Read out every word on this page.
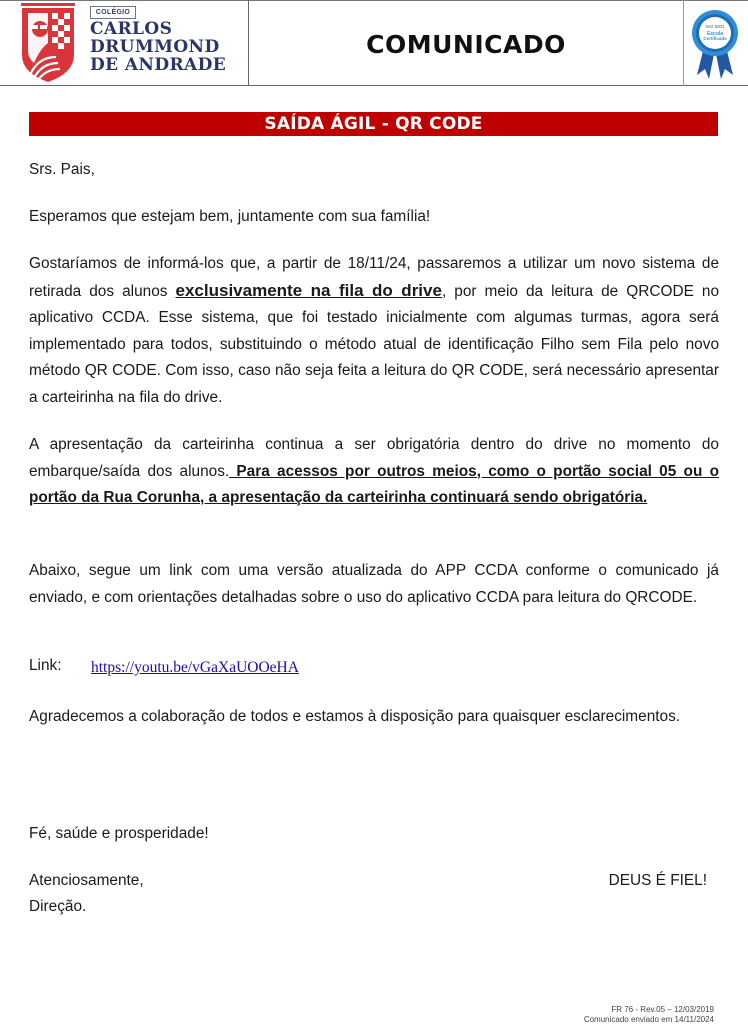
COLÉGIO
CARLOS
DRUMMOND
DE ANDRADE
COMUNICADO
ISO 9001
Escola
Certificada
SAÍDA ÁGIL - QR CODE
Srs. Pais,
Esperamos que estejam bem, juntamente com sua família!
Gostaríamos de informá-los que, a partir de 18/11/24, passaremos a utilizar um novo sistema de retirada dos alunos exclusivamente na fila do drive, por meio da leitura de QRCODE no aplicativo CCDA. Esse sistema, que foi testado inicialmente com algumas turmas, agora será implementado para todos, substituindo o método atual de identificação Filho sem Fila pelo novo método QR CODE. Com isso, caso não seja feita a leitura do QR CODE, será necessário apresentar a carteirinha na fila do drive.
A apresentação da carteirinha continua a ser obrigatória dentro do drive no momento do embarque/saída dos alunos. Para acessos por outros meios, como o portão social 05 ou o portão da Rua Corunha, a apresentação da carteirinha continuará sendo obrigatória.
Abaixo, segue um link com uma versão atualizada do APP CCDA conforme o comunicado já enviado, e com orientações detalhadas sobre o uso do aplicativo CCDA para leitura do QRCODE.
Link: https://youtu.be/vGaXaUOOeHA
Agradecemos a colaboração de todos e estamos à disposição para quaisquer esclarecimentos.
Fé, saúde e prosperidade!
Atenciosamente,	DEUS É FIEL!
Direção.
FR 76 - Rev.05 – 12/03/2019
Comunicado enviado em 14/11/2024
